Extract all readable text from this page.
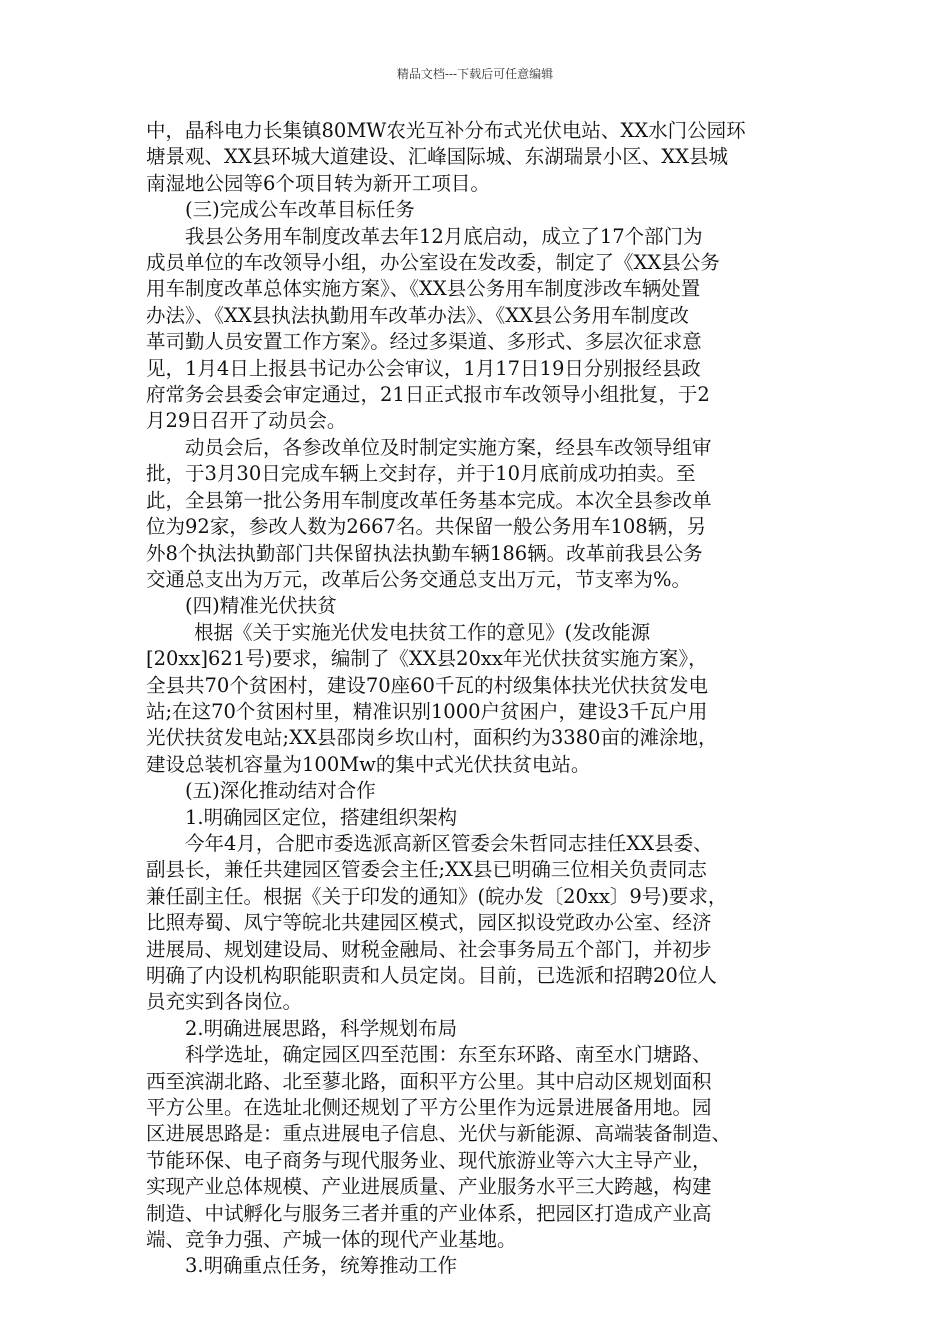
精品文档---下载后可任意编辑
中，晶科电力长集镇80MW农光互补分布式光伏电站、XX水门公园环
塘景观、XX县环城大道建设、汇峰国际城、东湖瑞景小区、XX县城
南湿地公园等6个项目转为新开工项目。
(三)完成公车改革目标任务
我县公务用车制度改革去年12月底启动，成立了17个部门为
成员单位的车改领导小组，办公室设在发改委，制定了《XX县公务
用车制度改革总体实施方案》、《XX县公务用车制度涉改车辆处置
办法》、《XX县执法执勤用车改革办法》、《XX县公务用车制度改
革司勤人员安置工作方案》。经过多渠道、多形式、多层次征求意
见，1月4日上报县书记办公会审议，1月17日19日分别报经县政
府常务会县委会审定通过，21日正式报市车改领导小组批复，于2
月29日召开了动员会。
动员会后，各参改单位及时制定实施方案，经县车改领导组审
批，于3月30日完成车辆上交封存，并于10月底前成功拍卖。至
此，全县第一批公务用车制度改革任务基本完成。本次全县参改单
位为92家，参改人数为2667名。共保留一般公务用车108辆，另
外8个执法执勤部门共保留执法执勤车辆186辆。改革前我县公务
交通总支出为万元，改革后公务交通总支出万元，节支率为%。
(四)精准光伏扶贫
根据《关于实施光伏发电扶贫工作的意见》(发改能源
[20xx]621号)要求，编制了《XX县20xx年光伏扶贫实施方案》，
全县共70个贫困村，建设70座60千瓦的村级集体扶光伏扶贫发电
站;在这70个贫困村里，精准识别1000户贫困户，建设3千瓦户用
光伏扶贫发电站;XX县邵岗乡坎山村，面积约为3380亩的滩涂地，
建设总装机容量为100Mw的集中式光伏扶贫电站。
(五)深化推动结对合作
1.明确园区定位，搭建组织架构
今年4月，合肥市委选派高新区管委会朱哲同志挂任XX县委、
副县长，兼任共建园区管委会主任;XX县已明确三位相关负责同志
兼任副主任。根据《关于印发的通知》(皖办发〔20xx〕9号)要求，
比照寿蜀、凤宁等皖北共建园区模式，园区拟设党政办公室、经济
进展局、规划建设局、财税金融局、社会事务局五个部门，并初步
明确了内设机构职能职责和人员定岗。目前，已选派和招聘20位人
员充实到各岗位。
2.明确进展思路，科学规划布局
科学选址，确定园区四至范围：东至东环路、南至水门塘路、
西至滨湖北路、北至蓼北路，面积平方公里。其中启动区规划面积
平方公里。在选址北侧还规划了平方公里作为远景进展备用地。园
区进展思路是：重点进展电子信息、光伏与新能源、高端装备制造、
节能环保、电子商务与现代服务业、现代旅游业等六大主导产业，
实现产业总体规模、产业进展质量、产业服务水平三大跨越，构建
制造、中试孵化与服务三者并重的产业体系，把园区打造成产业高
端、竞争力强、产城一体的现代产业基地。
3.明确重点任务，统筹推动工作
